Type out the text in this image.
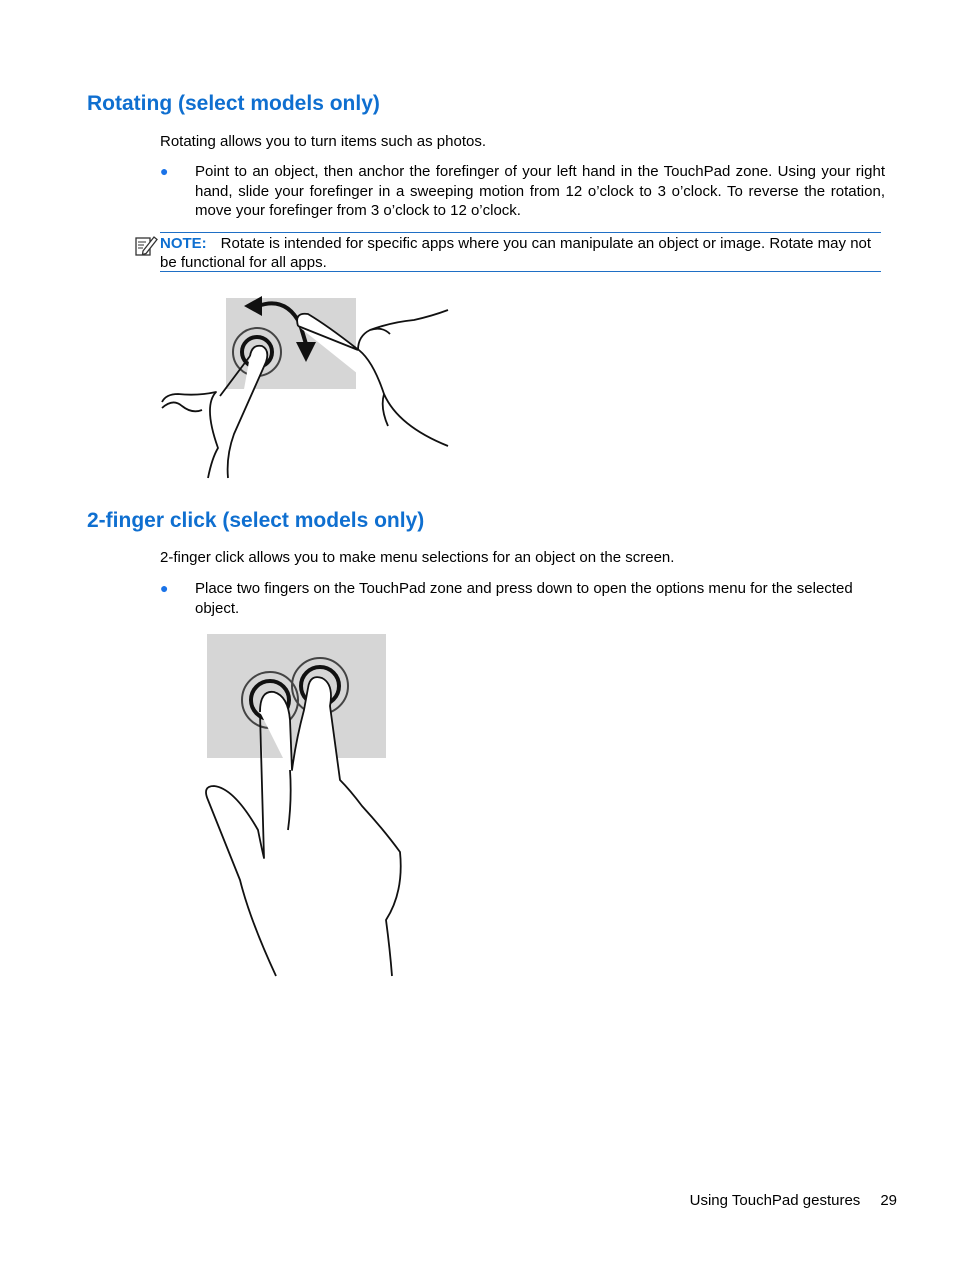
Rotating (select models only)

Rotating allows you to turn items such as photos.

● Point to an object, then anchor the forefinger of your left hand in the TouchPad zone. Using your right hand, slide your forefinger in a sweeping motion from 12 o’clock to 3 o’clock. To reverse the rotation, move your forefinger from 3 o’clock to 12 o’clock.
NOTE: Rotate is intended for specific apps where you can manipulate an object or image. Rotate may not be functional for all apps.
2-finger click (select models only)

2-finger click allows you to make menu selections for an object on the screen.

● Place two fingers on the TouchPad zone and press down to open the options menu for the selected object.
Using TouchPad gestures 29
